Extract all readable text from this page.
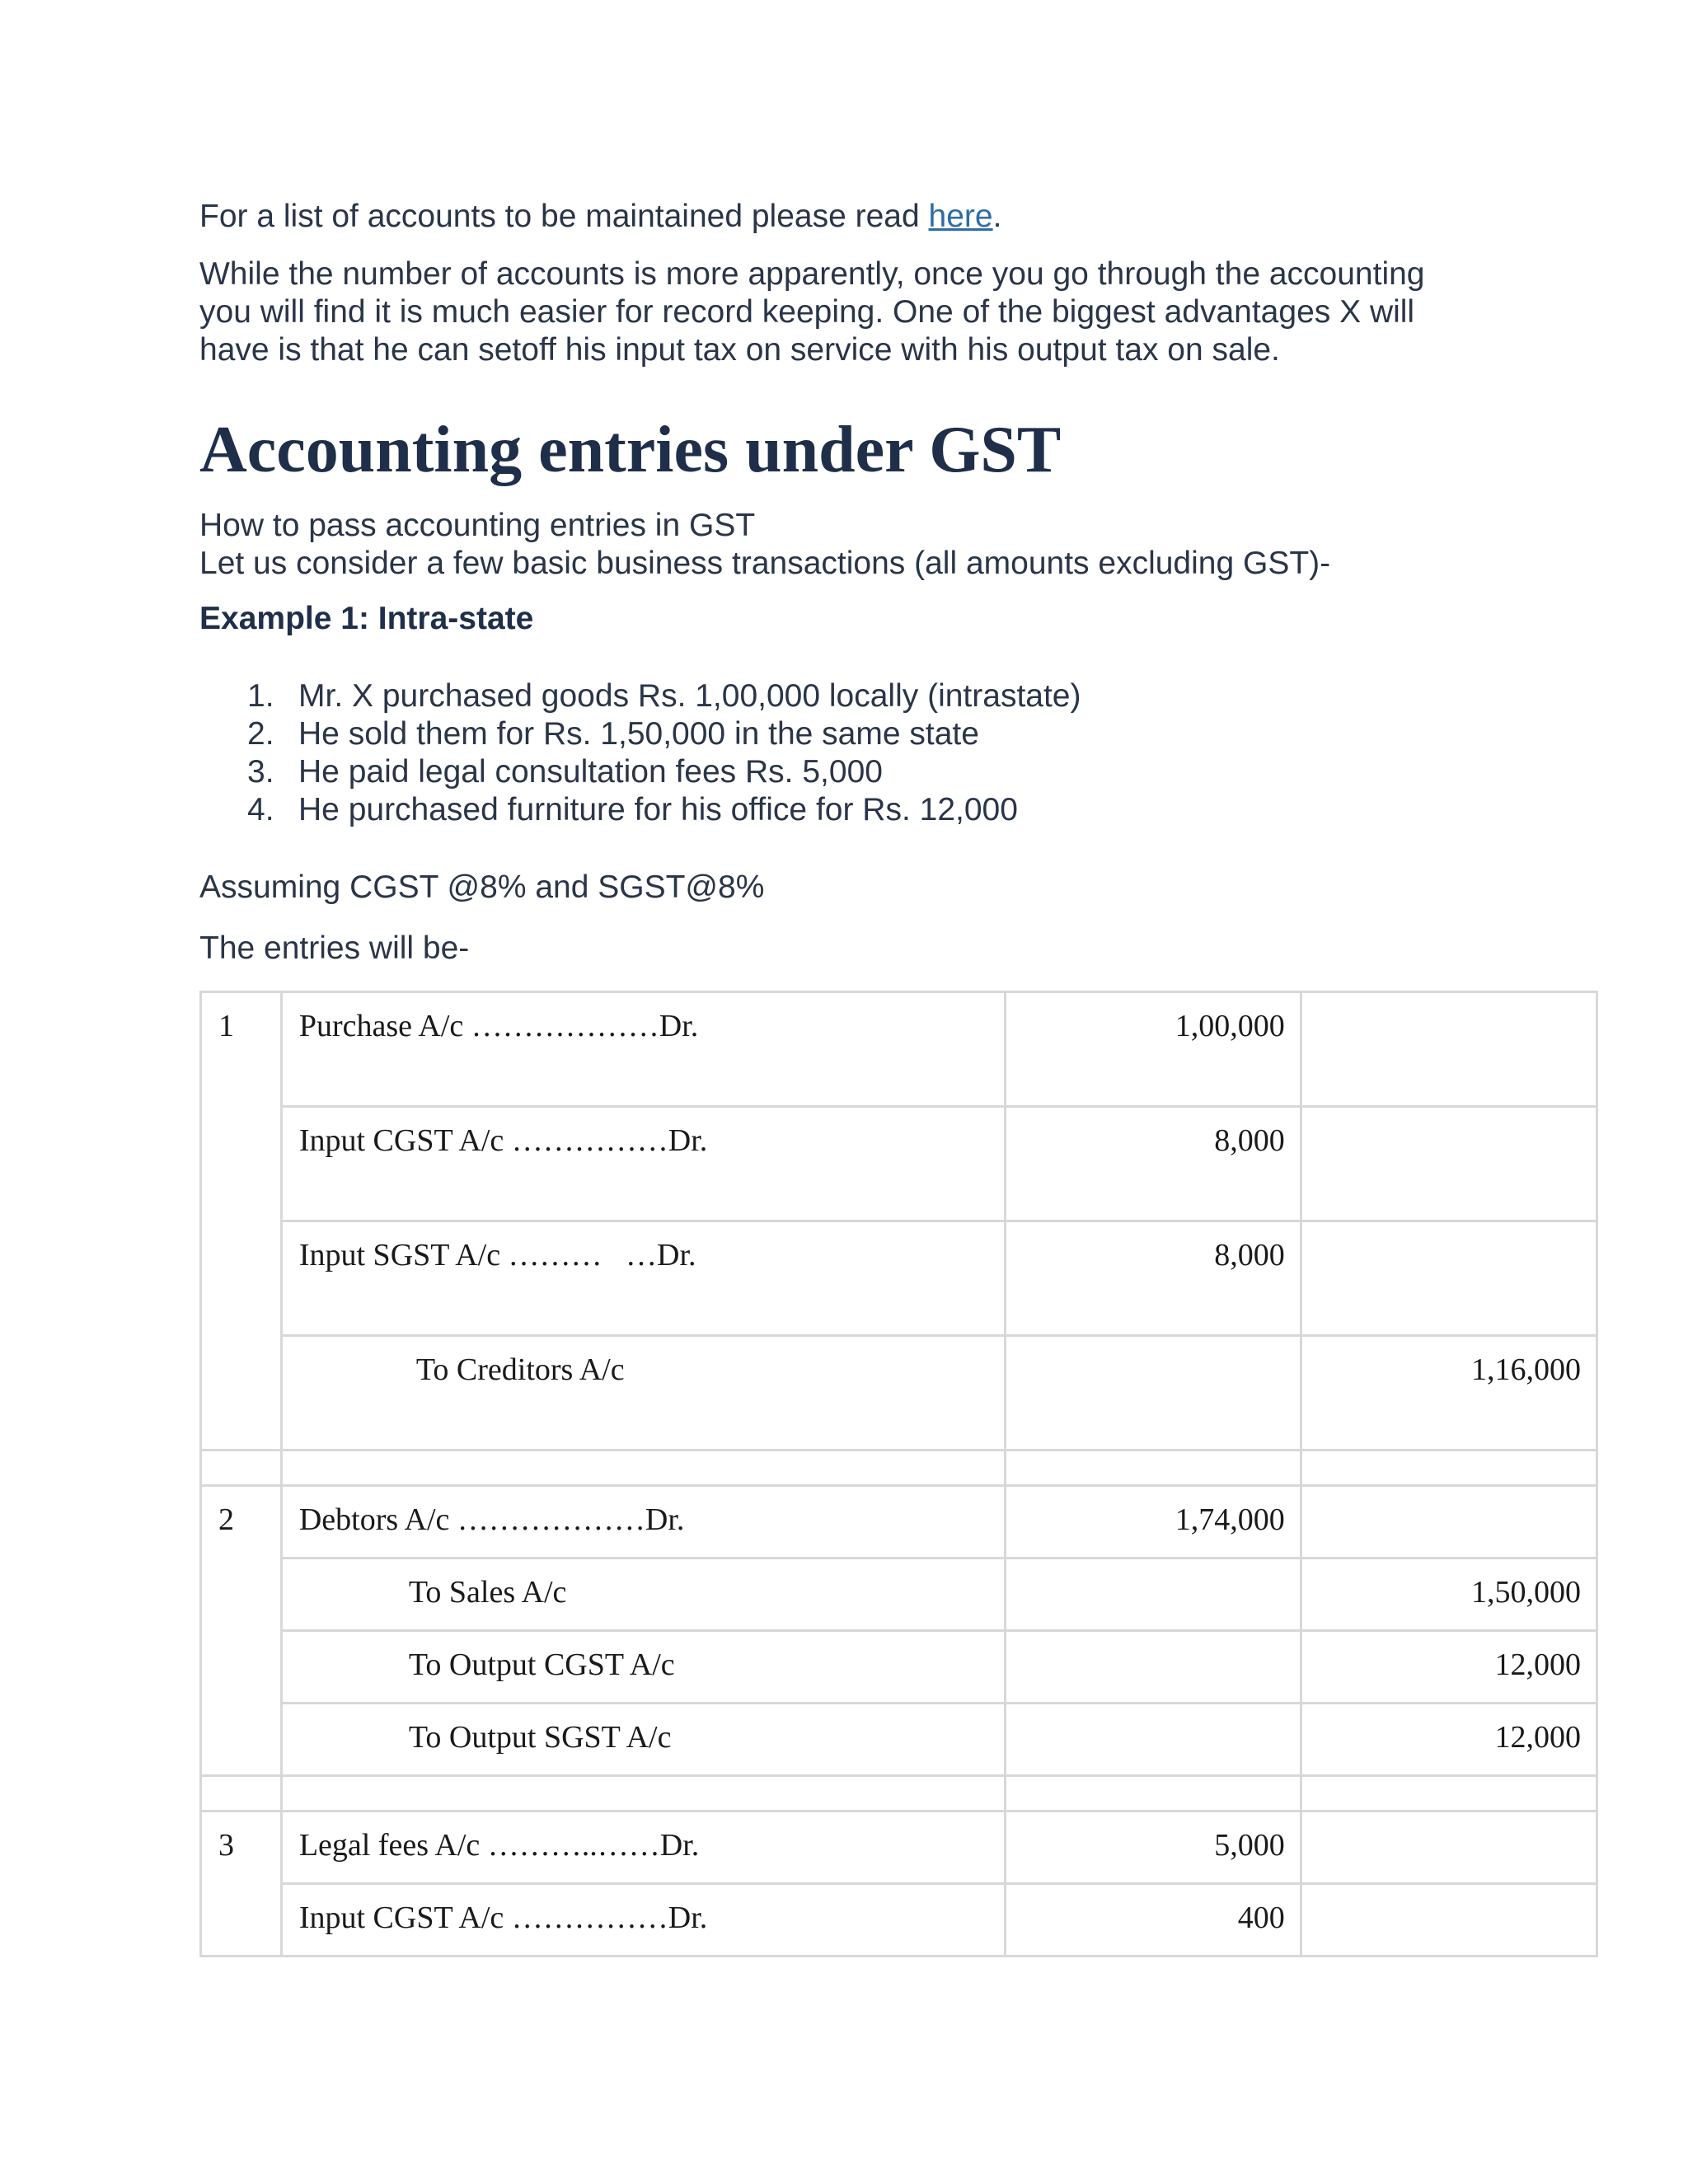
For a list of accounts to be maintained please read here.

While the number of accounts is more apparently, once you go through the accounting you will find it is much easier for record keeping. One of the biggest advantages X will have is that he can setoff his input tax on service with his output tax on sale.

Accounting entries under GST

How to pass accounting entries in GST

Let us consider a few basic business transactions (all amounts excluding GST)-

Example 1: Intra-state
1. Mr. X purchased goods Rs. 1,00,000 locally (intrastate)
2. He sold them for Rs. 1,50,000 in the same state
3. He paid legal consultation fees Rs. 5,000
4. He purchased furniture for his office for Rs. 12,000

Assuming CGST @8% and SGST@8%

The entries will be-

1	Purchase A/c ………………Dr.	1,00,000	
	Input CGST A/c ……………Dr.	8,000	
	Input SGST A/c ………   …Dr.	8,000	
	To Creditors A/c		1,16,000

2	Debtors A/c ………………Dr.	1,74,000	
	To Sales A/c		1,50,000
	To Output CGST A/c		12,000
	To Output SGST A/c		12,000

3	Legal fees A/c ………..……Dr.	5,000	
	Input CGST A/c ……………Dr.	400	
